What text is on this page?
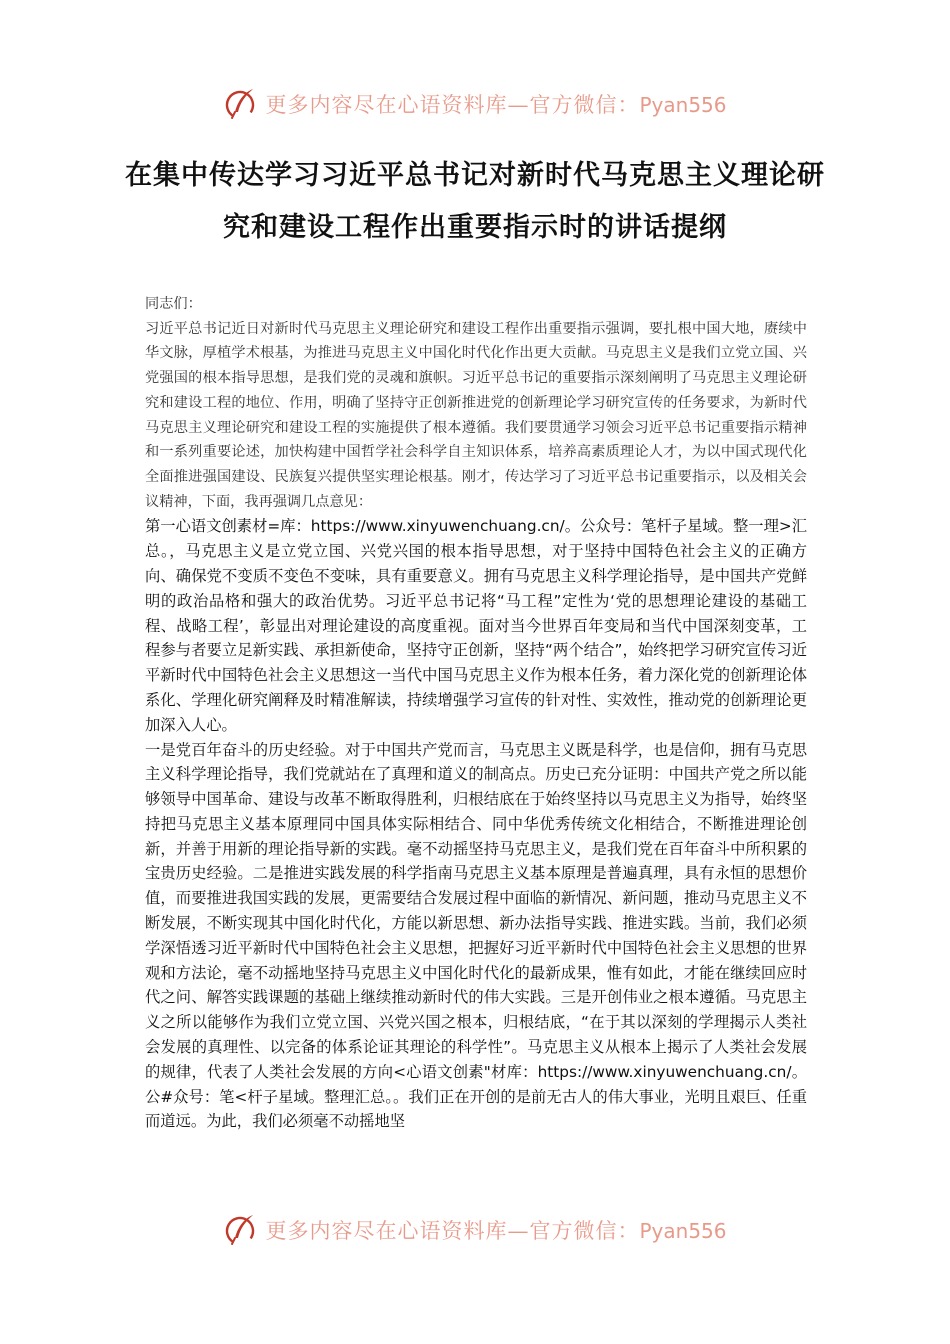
更多内容尽在心语资料库—官方微信：Pyan556
在集中传达学习习近平总书记对新时代马克思主义理论研究和建设工程作出重要指示时的讲话提纲

同志们：

习近平总书记近日对新时代马克思主义理论研究和建设工程作出重要指示强调，要扎根中国大地，赓续中华文脉，厚植学术根基，为推进马克思主义中国化时代化作出更大贡献。马克思主义是我们立党立国、兴党强国的根本指导思想，是我们党的灵魂和旗帜。习近平总书记的重要指示深刻阐明了马克思主义理论研究和建设工程的地位、作用，明确了坚持守正创新推进党的创新理论学习研究宣传的任务要求，为新时代马克思主义理论研究和建设工程的实施提供了根本遵循。我们要贯通学习领会习近平总书记重要指示精神和一系列重要论述，加快构建中国哲学社会科学自主知识体系，培养高素质理论人才，为以中国式现代化全面推进强国建设、民族复兴提供坚实理论根基。刚才，传达学习了习近平总书记重要指示，以及相关会议精神，下面，我再强调几点意见：

第一心语文创素材=库：https://www.xinyuwenchuang.cn/。公众号：笔杆子星域。整一理>汇总。，马克思主义是立党立国、兴党兴国的根本指导思想，对于坚持中国特色社会主义的正确方向、确保党不变质不变色不变味，具有重要意义。拥有马克思主义科学理论指导，是中国共产党鲜明的政治品格和强大的政治优势。习近平总书记将“马工程”定性为‘党的思想理论建设的基础工程、战略工程’，彰显出对理论建设的高度重视。面对当今世界百年变局和当代中国深刻变革，工程参与者要立足新实践、承担新使命，坚持守正创新，坚持“两个结合”，始终把学习研究宣传习近平新时代中国特色社会主义思想这一当代中国马克思主义作为根本任务，着力深化党的创新理论体系化、学理化研究阐释及时精准解读，持续增强学习宣传的针对性、实效性，推动党的创新理论更加深入人心。

一是党百年奋斗的历史经验。对于中国共产党而言，马克思主义既是科学，也是信仰，拥有马克思主义科学理论指导，我们党就站在了真理和道义的制高点。历史已充分证明：中国共产党之所以能够领导中国革命、建设与改革不断取得胜利，归根结底在于始终坚持以马克思主义为指导，始终坚持把马克思主义基本原理同中国具体实际相结合、同中华优秀传统文化相结合，不断推进理论创新，并善于用新的理论指导新的实践。毫不动摇坚持马克思主义，是我们党在百年奋斗中所积累的宝贵历史经验。二是推进实践发展的科学指南马克思主义基本原理是普遍真理，具有永恒的思想价值，而要推进我国实践的发展，更需要结合发展过程中面临的新情况、新问题，推动马克思主义不断发展，不断实现其中国化时代化，方能以新思想、新办法指导实践、推进实践。当前，我们必须学深悟透习近平新时代中国特色社会主义思想，把握好习近平新时代中国特色社会主义思想的世界观和方法论，毫不动摇地坚持马克思主义中国化时代化的最新成果，惟有如此，才能在继续回应时代之问、解答实践课题的基础上继续推动新时代的伟大实践。三是开创伟业之根本遵循。马克思主义之所以能够作为我们立党立国、兴党兴国之根本，归根结底，“在于其以深刻的学理揭示人类社会发展的真理性、以完备的体系论证其理论的科学性”。马克思主义从根本上揭示了人类社会发展的规律，代表了人类社会发展的方向<心语文创素"材库：https://www.xinyuwenchuang.cn/。公#众号：笔<杆子星域。整理汇总。。我们正在开创的是前无古人的伟大事业，光明且艰巨、任重而道远。为此，我们必须毫不动摇地坚

更多内容尽在心语资料库—官方微信：Pyan556
